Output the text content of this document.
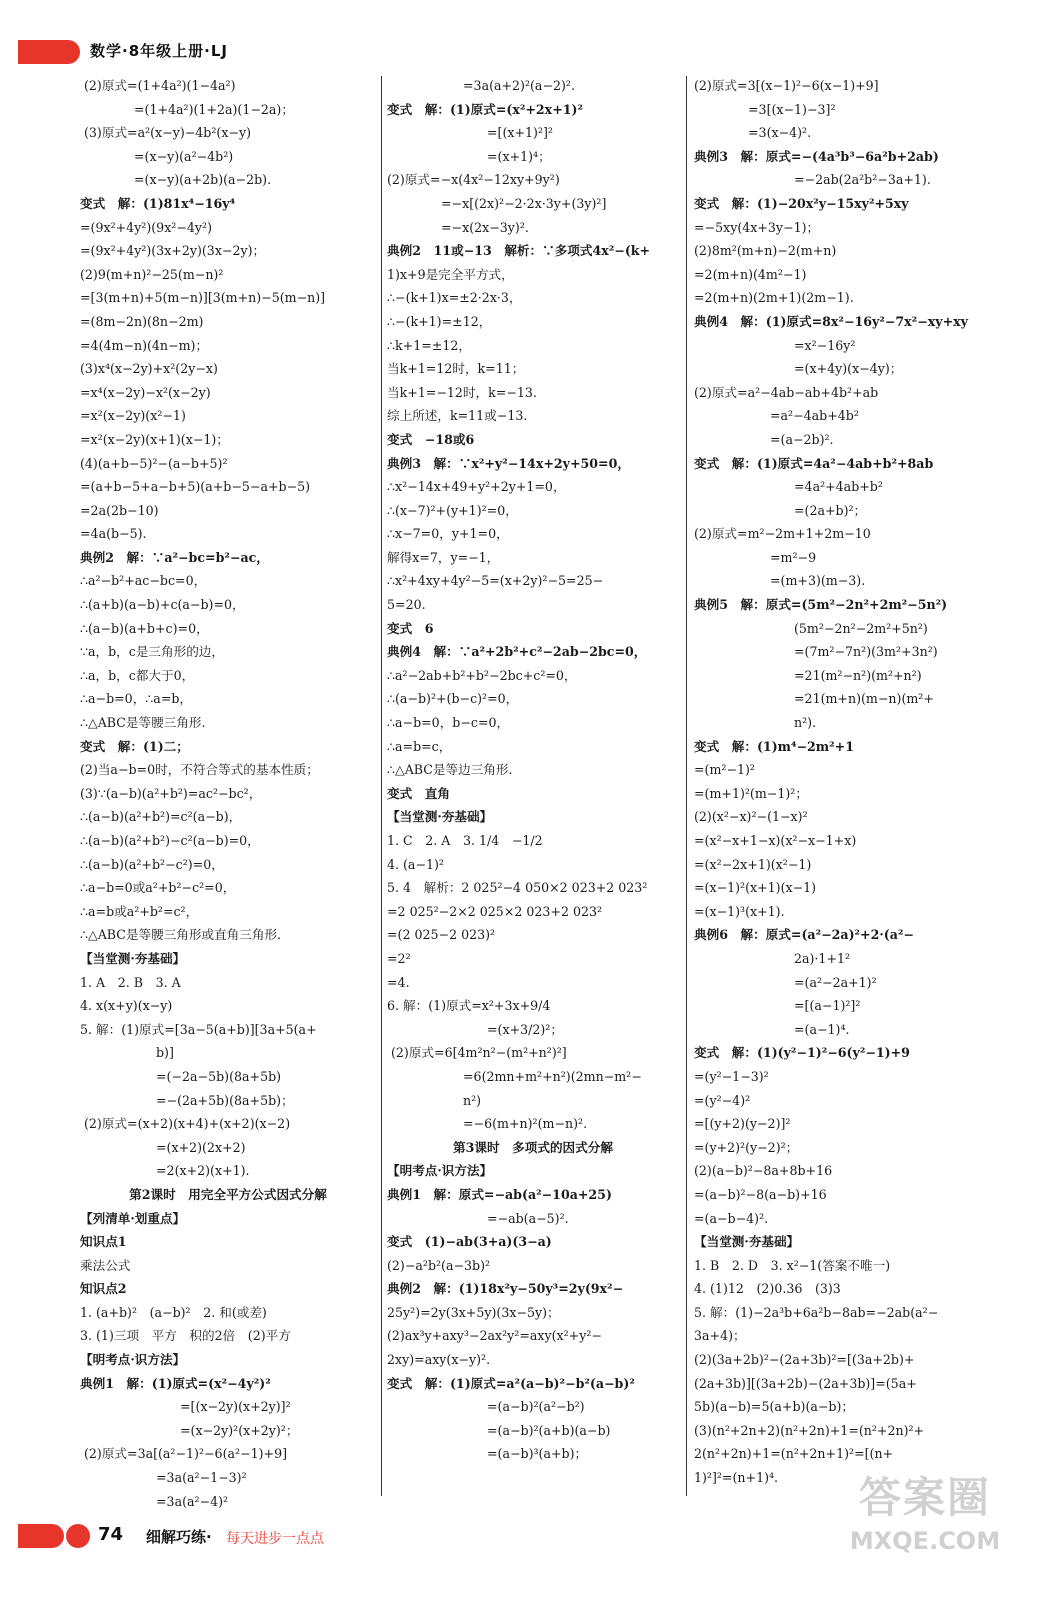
数学·8年级上册·LJ
(2)原式=(1+4a²)(1−4a²)
=(1+4a²)(1+2a)(1−2a)；
(3)原式=a²(x−y)−4b²(x−y)
=(x−y)(a²−4b²)
=(x−y)(a+2b)(a−2b).
变式　解：(1)81x⁴−16y⁴
=(9x²+4y²)(9x²−4y²)
=(9x²+4y²)(3x+2y)(3x−2y)；
(2)9(m+n)²−25(m−n)²
=[3(m+n)+5(m−n)][3(m+n)−5(m−n)]
=(8m−2n)(8n−2m)
=4(4m−n)(4n−m)；
(3)x⁴(x−2y)+x²(2y−x)
=x⁴(x−2y)−x²(x−2y)
=x²(x−2y)(x²−1)
=x²(x−2y)(x+1)(x−1)；
(4)(a+b−5)²−(a−b+5)²
=(a+b−5+a−b+5)(a+b−5−a+b−5)
=2a(2b−10)
=4a(b−5).
典例2　解：∵a²−bc=b²−ac，
∴a²−b²+ac−bc=0，
∴(a+b)(a−b)+c(a−b)=0，
∴(a−b)(a+b+c)=0，
∵a，b，c是三角形的边，
∴a，b，c都大于0，
∴a−b=0，∴a=b，
∴△ABC是等腰三角形.
变式　解：(1)二；
(2)当a−b=0时，不符合等式的基本性质；
(3)∵(a−b)(a²+b²)=ac²−bc²，
∴(a−b)(a²+b²)=c²(a−b)，
∴(a−b)(a²+b²)−c²(a−b)=0，
∴(a−b)(a²+b²−c²)=0，
∴a−b=0或a²+b²−c²=0，
∴a=b或a²+b²=c²，
∴△ABC是等腰三角形或直角三角形.
【当堂测·夯基础】
1. A　2. B　3. A
4. x(x+y)(x−y)
5. 解：(1)原式=[3a−5(a+b)][3a+5(a+
b)]
=(−2a−5b)(8a+5b)
=−(2a+5b)(8a+5b)；
(2)原式=(x+2)(x+4)+(x+2)(x−2)
=(x+2)(2x+2)
=2(x+2)(x+1).
第2课时　用完全平方公式因式分解
【列清单·划重点】
知识点1
乘法公式
知识点2
1. (a+b)²　(a−b)²　2. 和(或差)
3. (1)三项　平方　积的2倍　(2)平方
【明考点·识方法】
典例1　解：(1)原式=(x²−4y²)²
=[(x−2y)(x+2y)]²
=(x−2y)²(x+2y)²；
(2)原式=3a[(a²−1)²−6(a²−1)+9]
=3a(a²−1−3)²
=3a(a²−4)²
=3a(a+2)²(a−2)².
变式　解：(1)原式=(x²+2x+1)²
=[(x+1)²]²
=(x+1)⁴；
(2)原式=−x(4x²−12xy+9y²)
=−x[(2x)²−2·2x·3y+(3y)²]
=−x(2x−3y)².
典例2　11或−13　解析：∵多项式4x²−(k+
1)x+9是完全平方式，
∴−(k+1)x=±2·2x·3，
∴−(k+1)=±12，
∴k+1=±12，
当k+1=12时，k=11；
当k+1=−12时，k=−13.
综上所述，k=11或−13.
变式　−18或6
典例3　解：∵x²+y²−14x+2y+50=0，
∴x²−14x+49+y²+2y+1=0，
∴(x−7)²+(y+1)²=0，
∴x−7=0，y+1=0，
解得x=7，y=−1，
∴x²+4xy+4y²−5=(x+2y)²−5=25−
5=20.
变式　6
典例4　解：∵a²+2b²+c²−2ab−2bc=0，
∴a²−2ab+b²+b²−2bc+c²=0，
∴(a−b)²+(b−c)²=0，
∴a−b=0，b−c=0，
∴a=b=c，
∴△ABC是等边三角形.
变式　直角
【当堂测·夯基础】
1. C　2. A　3. 1/4　−1/2
4. (a−1)²
5. 4　解析：2 025²−4 050×2 023+2 023²
=2 025²−2×2 025×2 023+2 023²
=(2 025−2 023)²
=2²
=4.
6. 解：(1)原式=x²+3x+9/4
=(x+3/2)²；
(2)原式=6[4m²n²−(m²+n²)²]
=6(2mn+m²+n²)(2mn−m²−
n²)
=−6(m+n)²(m−n)².
第3课时　多项式的因式分解
【明考点·识方法】
典例1　解：原式=−ab(a²−10a+25)
=−ab(a−5)².
变式　(1)−ab(3+a)(3−a)
(2)−a²b²(a−3b)²
典例2　解：(1)18x²y−50y³=2y(9x²−
25y²)=2y(3x+5y)(3x−5y)；
(2)ax³y+axy³−2ax²y²=axy(x²+y²−
2xy)=axy(x−y)².
变式　解：(1)原式=a²(a−b)²−b²(a−b)²
=(a−b)²(a²−b²)
=(a−b)²(a+b)(a−b)
=(a−b)³(a+b)；
(2)原式=3[(x−1)²−6(x−1)+9]
=3[(x−1)−3]²
=3(x−4)².
典例3　解：原式=−(4a³b³−6a²b+2ab)
=−2ab(2a²b²−3a+1).
变式　解：(1)−20x²y−15xy²+5xy
=−5xy(4x+3y−1)；
(2)8m²(m+n)−2(m+n)
=2(m+n)(4m²−1)
=2(m+n)(2m+1)(2m−1).
典例4　解：(1)原式=8x²−16y²−7x²−xy+xy
=x²−16y²
=(x+4y)(x−4y)；
(2)原式=a²−4ab−ab+4b²+ab
=a²−4ab+4b²
=(a−2b)².
变式　解：(1)原式=4a²−4ab+b²+8ab
=4a²+4ab+b²
=(2a+b)²；
(2)原式=m²−2m+1+2m−10
=m²−9
=(m+3)(m−3).
典例5　解：原式=(5m²−2n²+2m²−5n²)
(5m²−2n²−2m²+5n²)
=(7m²−7n²)(3m²+3n²)
=21(m²−n²)(m²+n²)
=21(m+n)(m−n)(m²+
n²).
变式　解：(1)m⁴−2m²+1
=(m²−1)²
=(m+1)²(m−1)²；
(2)(x²−x)²−(1−x)²
=(x²−x+1−x)(x²−x−1+x)
=(x²−2x+1)(x²−1)
=(x−1)²(x+1)(x−1)
=(x−1)³(x+1).
典例6　解：原式=(a²−2a)²+2·(a²−
2a)·1+1²
=(a²−2a+1)²
=[(a−1)²]²
=(a−1)⁴.
变式　解：(1)(y²−1)²−6(y²−1)+9
=(y²−1−3)²
=(y²−4)²
=[(y+2)(y−2)]²
=(y+2)²(y−2)²；
(2)(a−b)²−8a+8b+16
=(a−b)²−8(a−b)+16
=(a−b−4)².
【当堂测·夯基础】
1. B　2. D　3. x²−1(答案不唯一)
4. (1)12　(2)0.36　(3)3
5. 解：(1)−2a³b+6a²b−8ab=−2ab(a²−
3a+4)；
(2)(3a+2b)²−(2a+3b)²=[(3a+2b)+
(2a+3b)][(3a+2b)−(2a+3b)]=(5a+
5b)(a−b)=5(a+b)(a−b)；
(3)(n²+2n+2)(n²+2n)+1=(n²+2n)²+
2(n²+2n)+1=(n²+2n+1)²=[(n+
1)²]²=(n+1)⁴.
74 细解巧练· 每天进步一点点
答案圈
MXQE.COM
